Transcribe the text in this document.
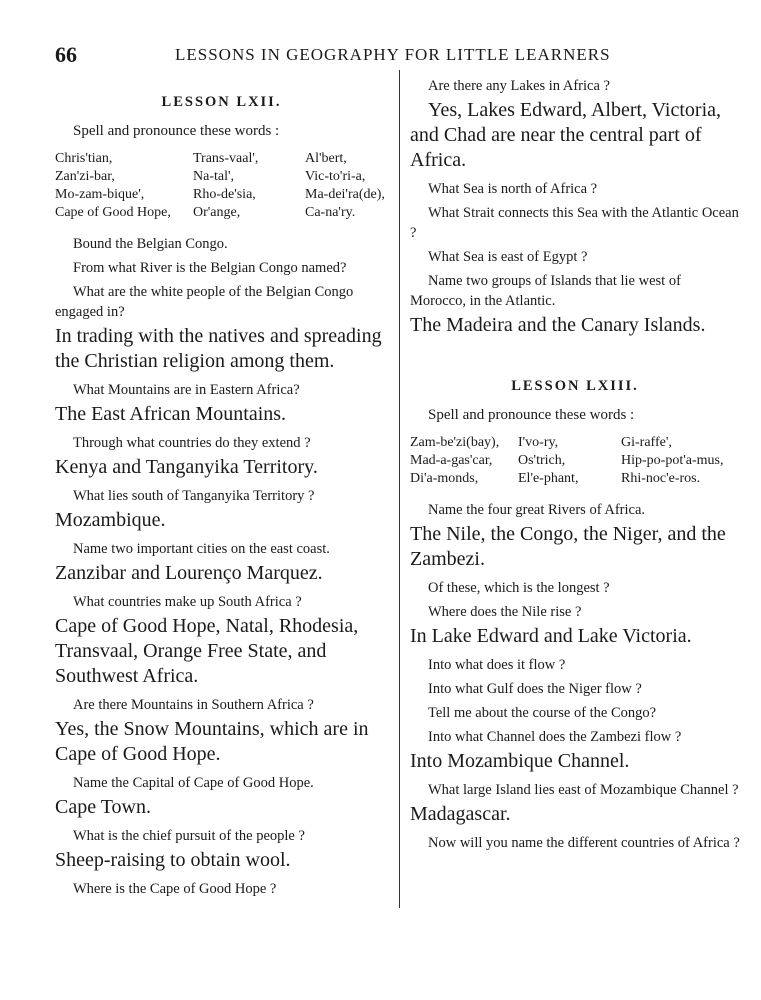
66	LESSONS IN GEOGRAPHY FOR LITTLE LEARNERS
LESSON LXII.
Spell and pronounce these words :
Chris'tian,	Trans-vaal',	Al'bert,
Zan'zi-bar,	Na-tal',	Vic-to'ri-a,
Mo-zam-bique',	Rho-de'sia,	Ma-dei'ra(de),
Cape of Good Hope,	Or'ange,	Ca-na'ry.

Bound the Belgian Congo.

From what River is the Belgian Congo named?

What are the white people of the Belgian Congo engaged in?

In trading with the natives and spreading the Christian religion among them.

What Mountains are in Eastern Africa?

The East African Mountains.

Through what countries do they extend ?

Kenya and Tanganyika Territory.

What lies south of Tanganyika Territory ?

Mozambique.

Name two important cities on the east coast.

Zanzibar and Lourenço Marquez.

What countries make up South Africa ?

Cape of Good Hope, Natal, Rhodesia, Transvaal, Orange Free State, and Southwest Africa.

Are there Mountains in Southern Africa ?

Yes, the Snow Mountains, which are in Cape of Good Hope.

Name the Capital of Cape of Good Hope.

Cape Town.

What is the chief pursuit of the people ?

Sheep-raising to obtain wool.

Where is the Cape of Good Hope ?

Are there any Lakes in Africa ?

Yes, Lakes Edward, Albert, Victoria, and Chad are near the central part of Africa.

What Sea is north of Africa ?

What Strait connects this Sea with the Atlantic Ocean ?

What Sea is east of Egypt ?

Name two groups of Islands that lie west of Morocco, in the Atlantic.

The Madeira and the Canary Islands.

LESSON LXIII.
Spell and pronounce these words :
Zam-be'zi(bay),	I'vo-ry,	Gi-raffe',
Mad-a-gas'car,	Os'trich,	Hip-po-pot'a-mus,
Di'a-monds,	El'e-phant,	Rhi-noc'e-ros.

Name the four great Rivers of Africa.

The Nile, the Congo, the Niger, and the Zambezi.

Of these, which is the longest ?

Where does the Nile rise ?

In Lake Edward and Lake Victoria.

Into what does it flow ?

Into what Gulf does the Niger flow ?

Tell me about the course of the Congo?

Into what Channel does the Zambezi flow ?

Into Mozambique Channel.

What large Island lies east of Mozambique Channel ?

Madagascar.

Now will you name the different countries of Africa ?
